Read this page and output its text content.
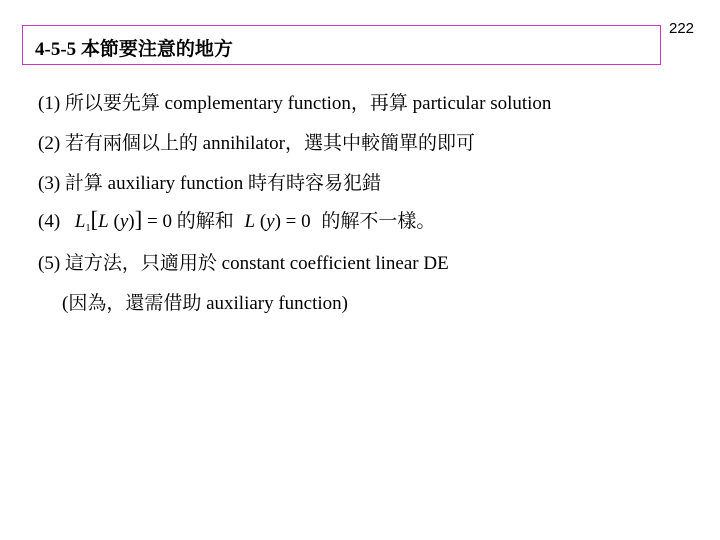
4-5-5 本節要注意的地方
222
(1) 所以要先算 complementary function，再算 particular solution
(2) 若有兩個以上的 annihilator，選其中較簡單的即可
(3) 計算 auxiliary function 時有時容易犯錯
(4) $L_1[L$ (y)] = 0 的解和 L (y) = 0 的解不一樣。
(5) 這方法，只適用於 constant coefficient linear DE
(因為，還需借助 auxiliary function)
